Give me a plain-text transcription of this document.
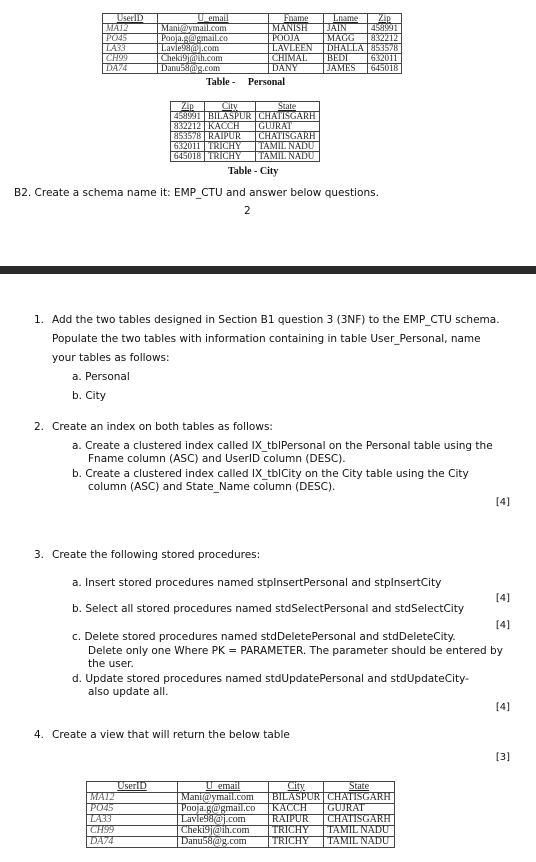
UserID	U_email	Fname	Lname	Zip
MA12	Mani@ymail.com	MANISH	JAIN	458991
PO45	Pooja.g@gmail.co	POOJA	MAGG	832212
LA33	Lavle98@j.com	LAVLEEN	DHALLA	853578
CH99	Cheki9j@ih.com	CHIMAL	BEDI	632011
DA74	Danu58@g.com	DANY	JAMES	645018
Table -     Personal
Zip	City	State
458991	BILASPUR	CHATISGARH
832212	KACCH	GUJRAT
853578	RAIPUR	CHATISGARH
632011	TRICHY	TAMIL NADU
645018	TRICHY	TAMIL NADU
Table - City
B2. Create a schema name it: EMP_CTU and answer below questions.
2
1. Add the two tables designed in Section B1 question 3 (3NF) to the EMP_CTU schema.
Populate the two tables with information containing in table User_Personal, name
your tables as follows:
a. Personal
b. City
2. Create an index on both tables as follows:
a. Create a clustered index called IX_tblPersonal on the Personal table using the
Fname column (ASC) and UserID column (DESC).
b. Create a clustered index called IX_tblCity on the City table using the City
column (ASC) and State_Name column (DESC).
[4]
3. Create the following stored procedures:
a. Insert stored procedures named stpInsertPersonal and stpInsertCity
[4]
b. Select all stored procedures named stdSelectPersonal and stdSelectCity
[4]
c. Delete stored procedures named stdDeletePersonal and stdDeleteCity.
Delete only one Where PK = PARAMETER. The parameter should be entered by
the user.
d. Update stored procedures named stdUpdatePersonal and stdUpdateCity-
also update all.
[4]
4. Create a view that will return the below table
[3]
UserID	U_email	City	State
MA12	Mani@ymail.com	BILASPUR	CHATISGARH
PO45	Pooja.g@gmail.co	KACCH	GUJRAT
LA33	Lavle98@j.com	RAIPUR	CHATISGARH
CH99	Cheki9j@ih.com	TRICHY	TAMIL NADU
DA74	Danu58@g.com	TRICHY	TAMIL NADU
